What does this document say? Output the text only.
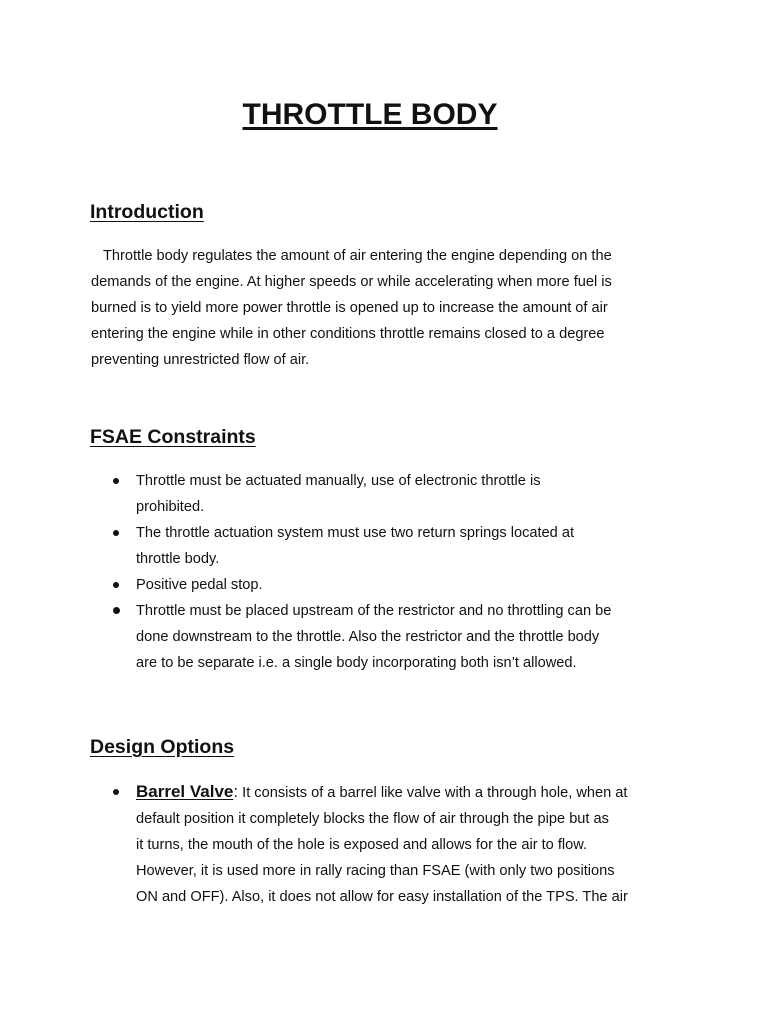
THROTTLE BODY
Introduction

Throttle body regulates the amount of air entering the engine depending on the
demands of the engine. At higher speeds or while accelerating when more fuel is
burned is to yield more power throttle is opened up to increase the amount of air
entering the engine while in other conditions throttle remains closed to a degree
preventing unrestricted flow of air.

FSAE Constraints
Throttle must be actuated manually, use of electronic throttle is
prohibited.
The throttle actuation system must use two return springs located at
throttle body.
Positive pedal stop.
Throttle must be placed upstream of the restrictor and no throttling can be
done downstream to the throttle. Also the restrictor and the throttle body
are to be separate i.e. a single body incorporating both isn’t allowed.
Design Options
Barrel Valve: It consists of a barrel like valve with a through hole, when at
default position it completely blocks the flow of air through the pipe but as
it turns, the mouth of the hole is exposed and allows for the air to flow.
However, it is used more in rally racing than FSAE (with only two positions
ON and OFF). Also, it does not allow for easy installation of the TPS. The air
